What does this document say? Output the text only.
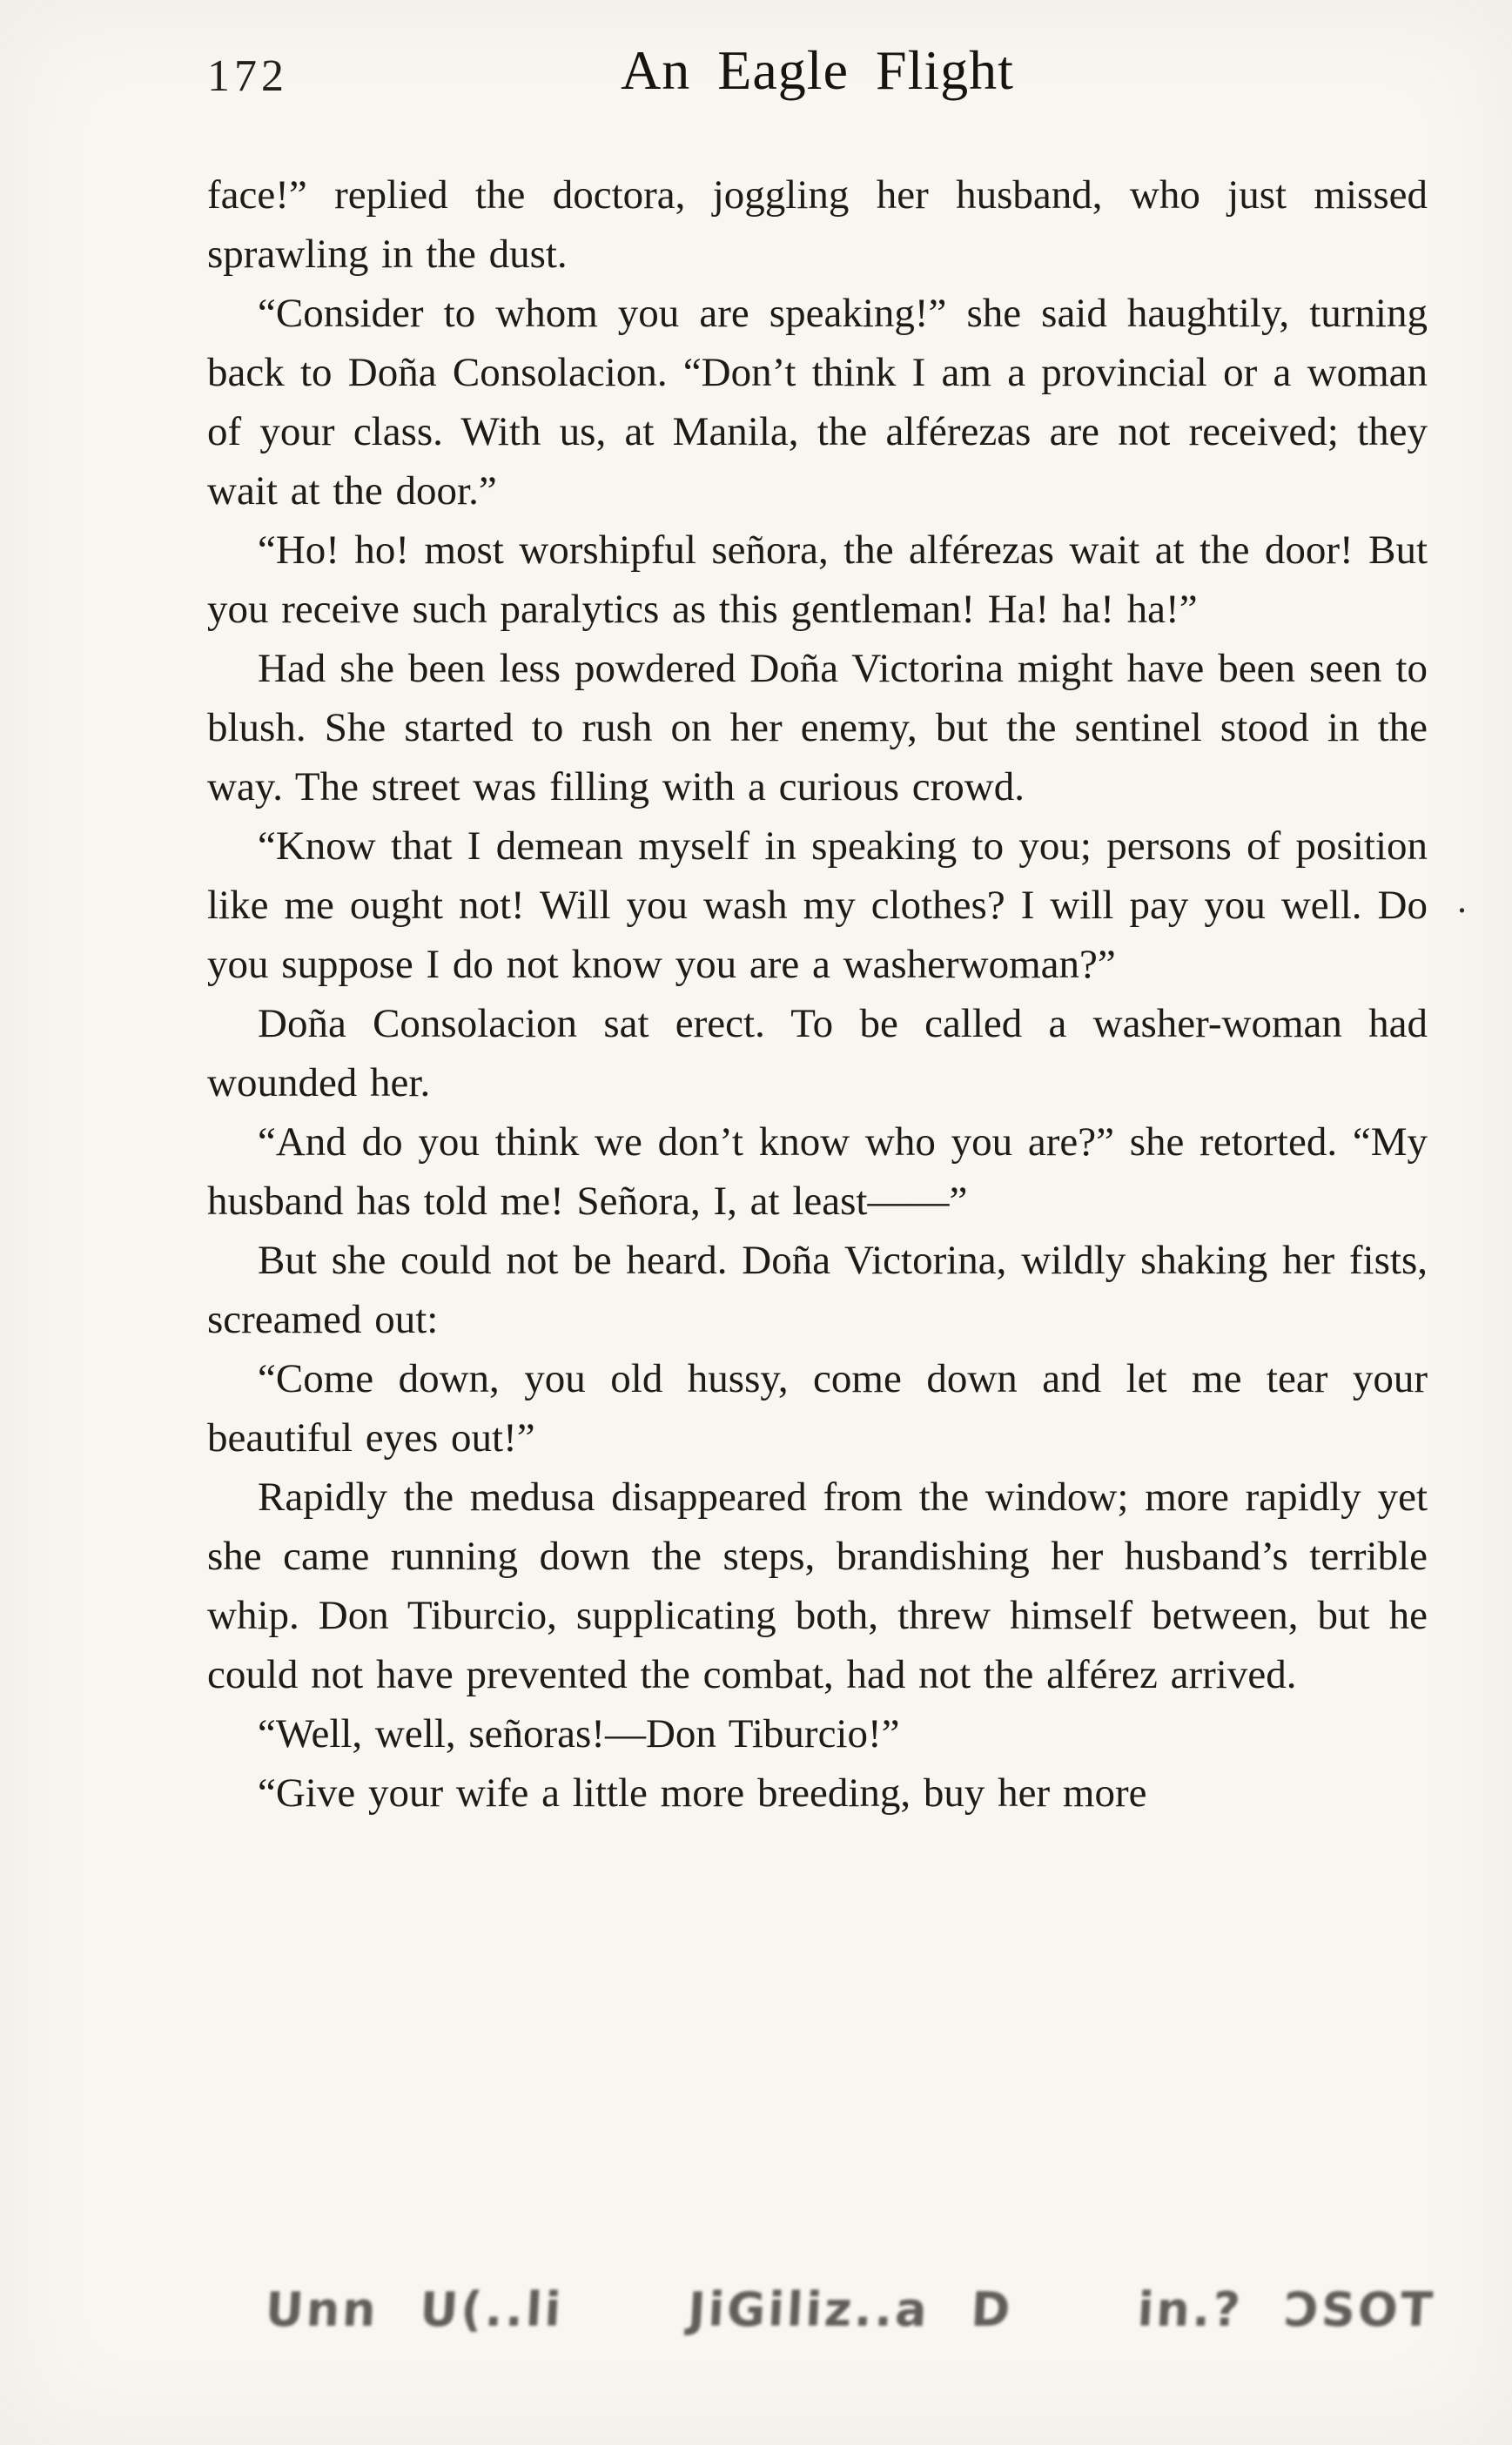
172	An Eagle Flight

face!” replied the doctora, joggling her husband, who just missed sprawling in the dust.

“Consider to whom you are speaking!” she said haughtily, turning back to Doña Consolacion. “Don’t think I am a provincial or a woman of your class. With us, at Manila, the alférezas are not received; they wait at the door.”

“Ho! ho! most worshipful señora, the alférezas wait at the door! But you receive such paralytics as this gentleman! Ha! ha! ha!”

Had she been less powdered Doña Victorina might have been seen to blush. She started to rush on her enemy, but the sentinel stood in the way. The street was filling with a curious crowd.

“Know that I demean myself in speaking to you; persons of position like me ought not! Will you wash my clothes? I will pay you well. Do you suppose I do not know you are a washerwoman?”

Doña Consolacion sat erect. To be called a washer-woman had wounded her.

“And do you think we don’t know who you are?” she retorted. “My husband has told me! Señora, I, at least——”

But she could not be heard. Doña Victorina, wildly shaking her fists, screamed out:

“Come down, you old hussy, come down and let me tear your beautiful eyes out!”

Rapidly the medusa disappeared from the window; more rapidly yet she came running down the steps, brandishing her husband’s terrible whip. Don Tiburcio, supplicating both, threw himself between, but he could not have prevented the combat, had not the alférez arrived.

“Well, well, señoras!—Don Tiburcio!”

“Give your wife a little more breeding, buy her more

.
Unn U(..li   JiGiliz..a D   in.? ƆSOT
